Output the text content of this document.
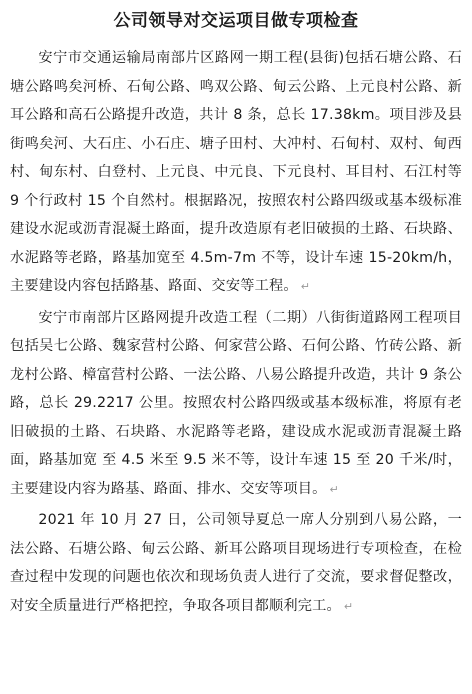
公司领导对交运项目做专项检查

安宁市交通运输局南部片区路网一期工程(县街)包括石塘公路、石塘公路鸣矣河桥、石甸公路、鸣双公路、甸云公路、上元良村公路、新耳公路和高石公路提升改造，共计 8 条，总长 17.38km。项目涉及县街鸣矣河、大石庄、小石庄、塘子田村、大冲村、石甸村、双村、甸西村、甸东村、白登村、上元良、中元良、下元良村、耳目村、石江村等 9 个行政村 15 个自然村。根据路况，按照农村公路四级或基本级标准建设水泥或沥青混凝土路面，提升改造原有老旧破损的土路、石块路、水泥路等老路，路基加宽至 4.5m-7m 不等，设计车速 15-20km/h，主要建设内容包括路基、路面、交安等工程。 ↵

安宁市南部片区路网提升改造工程（二期）八街街道路网工程项目包括吴七公路、魏家营村公路、何家营公路、石何公路、竹砖公路、新龙村公路、樟富营村公路、一法公路、八易公路提升改造，共计 9 条公路，总长 29.2217 公里。按照农村公路四级或基本级标准，将原有老旧破损的土路、石块路、水泥路等老路，建设成水泥或沥青混凝土路面，路基加宽 至 4.5 米至 9.5 米不等，设计车速 15 至 20 千米/时，主要建设内容为路基、路面、排水、交安等项目。 ↵

2021 年 10 月 27 日，公司领导夏总一席人分别到八易公路，一法公路、石塘公路、甸云公路、新耳公路项目现场进行专项检查，在检查过程中发现的问题也依次和现场负责人进行了交流，要求督促整改，对安全质量进行严格把控，争取各项目都顺利完工。 ↵
